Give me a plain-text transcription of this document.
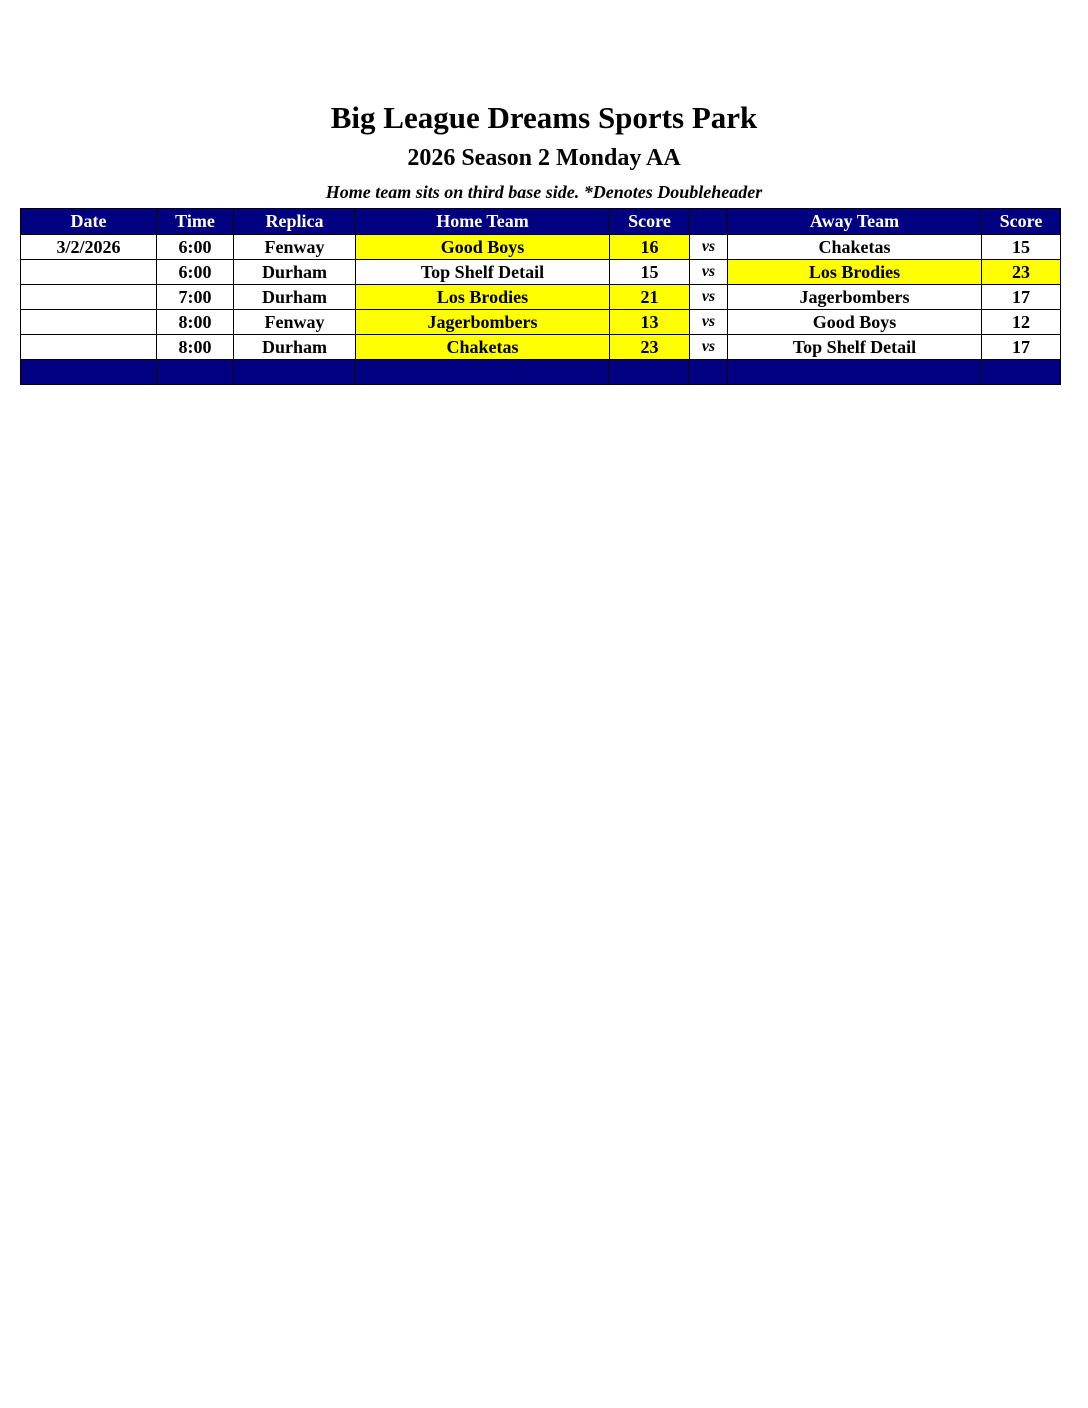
Big League Dreams Sports Park
2026 Season 2 Monday AA
Home team sits on third base side. *Denotes Doubleheader
Date	Time	Replica	Home Team	Score		Away Team	Score
3/2/2026	6:00	Fenway	Good Boys	16	vs	Chaketas	15
	6:00	Durham	Top Shelf Detail	15	vs	Los Brodies	23
	7:00	Durham	Los Brodies	21	vs	Jagerbombers	17
	8:00	Fenway	Jagerbombers	13	vs	Good Boys	12
	8:00	Durham	Chaketas	23	vs	Top Shelf Detail	17
